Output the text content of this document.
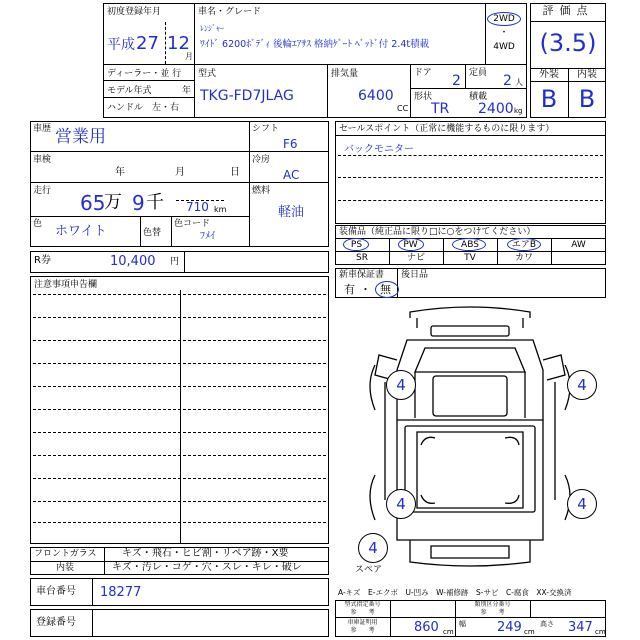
初度登録年月
平成 27 12
月
車名・グレード
ﾚﾝｼﾞｬｰ
ﾜｲﾄﾞ 6200ﾎﾞﾃﾞｨ 後輪ｴｱｻｽ 格納ｹﾞｰﾄ ﾍﾞｯﾄﾞ付 2.4t積載
2WD
・
4WD
ディーラー・並 行
モデル年式	年
ハンドル　左・右
型式
TKG-FD7JLAG
排気量
6400
CC
ドア 2 定員 2 人
形状
TR
積載
2400 kg
評価点
(3.5)
外装	内装
B B
車歴 営業用
車検
年	月	日
走行 65
万 9 千 710 km
色 ホワイト	色替
色コード
ﾌﾒｲ
シフト
F6
冷房
AC
燃料
軽油
R券	10,400 円
注意事項申告欄
セールスポイント（正常に機能するものに限ります）
バックモニター
装備品（純正品に限り□に○をつけてください）
PS	PW	ABS	エアB	AW
SR	ナビ	TV	カワ
新車保証書
有 ・ 無
後日品
4	4
4	4
4
スペア
フロントガラス	キズ・飛石・ヒビ割・リペア跡・X要
内装	キズ・汚レ・コゲ・穴・スレ・キレ・破レ
車台番号 18277
登録番号
A-キズ　E-エクボ　U-凹み　W-補修跡　S-サビ　C-腐食　XX-交換済
型式指定番号
参　　考
類別区分番号
参　　考
車庫証明用
参　　考	860 cm
幅 249 cm
高さ 347 cm
